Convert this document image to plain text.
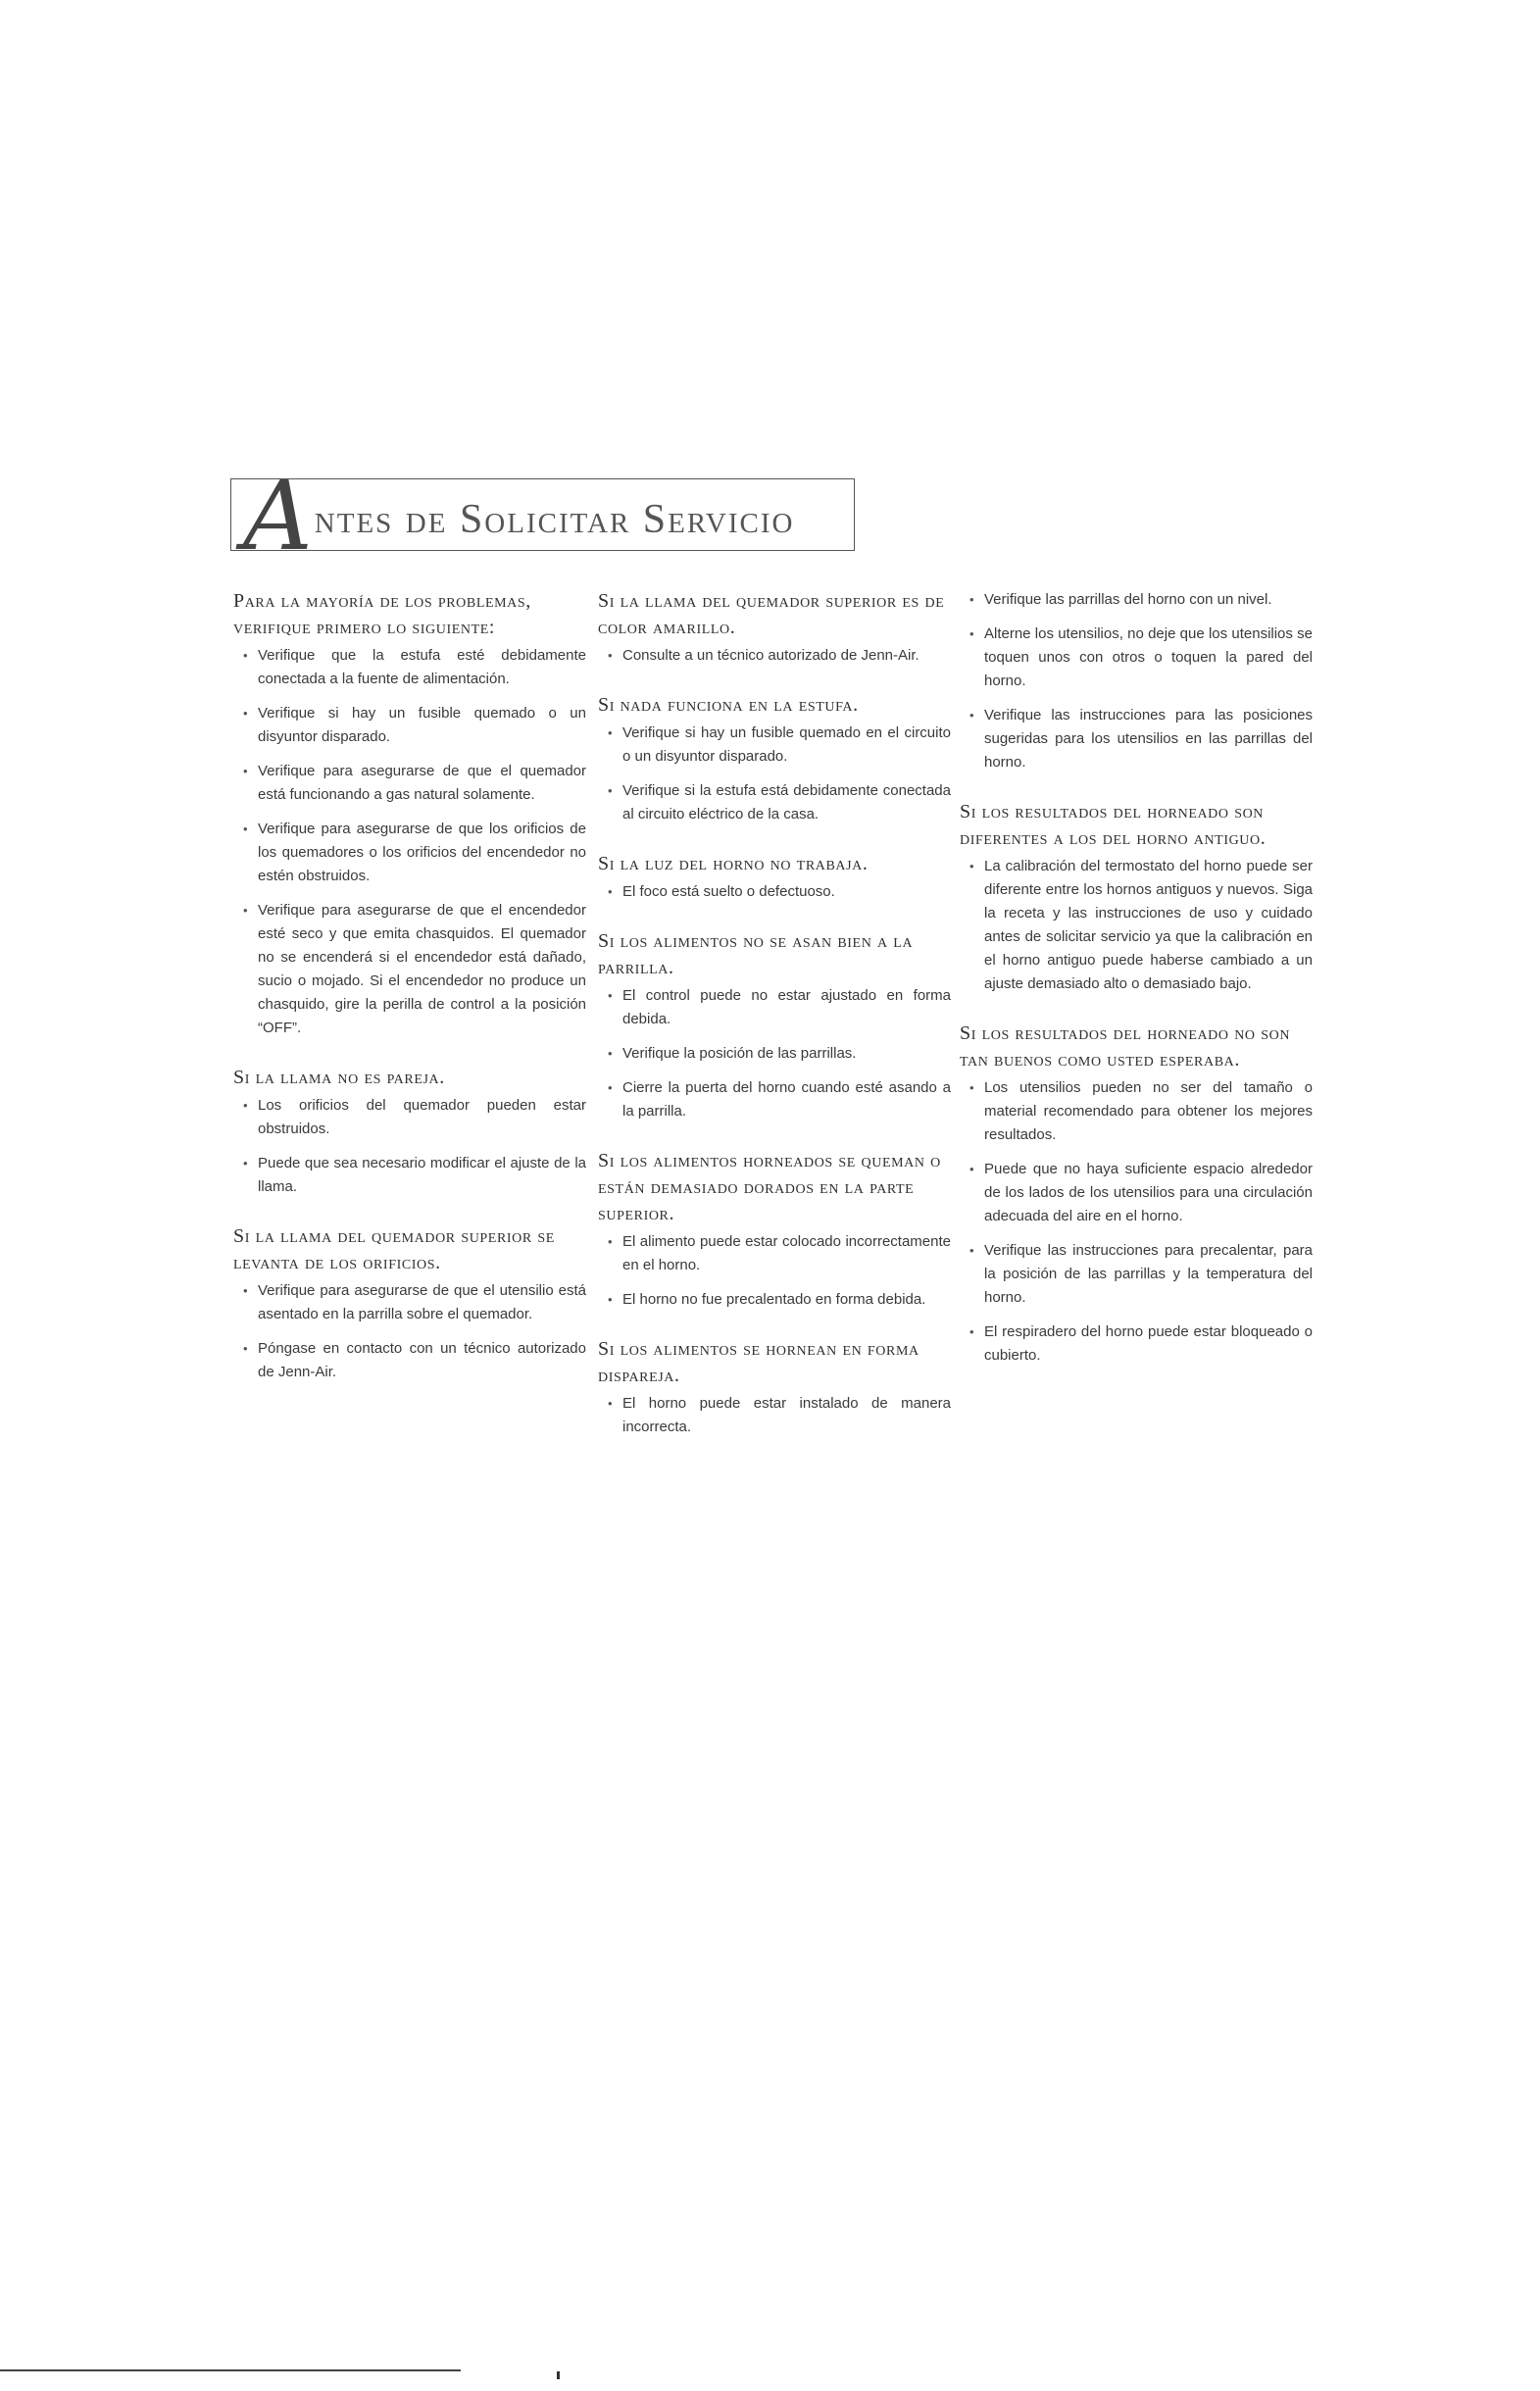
A ntes de Solicitar Servicio
Para la mayoría de los problemas, verifique primero lo siguiente:
• Verifique que la estufa esté debidamente conectada a la fuente de alimentación.
• Verifique si hay un fusible quemado o un disyuntor disparado.
• Verifique para asegurarse de que el quemador está funcionando a gas natural solamente.
• Verifique para asegurarse de que los orificios de los quemadores o los orificios del encendedor no estén obstruidos.
• Verifique para asegurarse de que el encendedor esté seco y que emita chasquidos. El quemador no se encenderá si el encendedor está dañado, sucio o mojado. Si el encendedor no produce un chasquido, gire la perilla de control a la posición “OFF”.
Si la llama no es pareja.
• Los orificios del quemador pueden estar obstruidos.
• Puede que sea necesario modificar el ajuste de la llama.
Si la llama del quemador superior se levanta de los orificios.
• Verifique para asegurarse de que el utensilio está asentado en la parrilla sobre el quemador.
• Póngase en contacto con un técnico autorizado de Jenn-Air.
Si la llama del quemador superior es de color amarillo.
• Consulte a un técnico autorizado de Jenn-Air.
Si nada funciona en la estufa.
• Verifique si hay un fusible quemado en el circuito o un disyuntor disparado.
• Verifique si la estufa está debidamente conectada al circuito eléctrico de la casa.
Si la luz del horno no trabaja.
• El foco está suelto o defectuoso.
Si los alimentos no se asan bien a la parrilla.
• El control puede no estar ajustado en forma debida.
• Verifique la posición de las parrillas.
• Cierre la puerta del horno cuando esté asando a la parrilla.
Si los alimentos horneados se queman o están demasiado dorados en la parte superior.
• El alimento puede estar colocado incorrectamente en el horno.
• El horno no fue precalentado en forma debida.
Si los alimentos se hornean en forma dispareja.
• El horno puede estar instalado de manera incorrecta.
• Verifique las parrillas del horno con un nivel.
• Alterne los utensilios, no deje que los utensilios se toquen unos con otros o toquen la pared del horno.
• Verifique las instrucciones para las posiciones sugeridas para los utensilios en las parrillas del horno.
Si los resultados del horneado son diferentes a los del horno antiguo.
• La calibración del termostato del horno puede ser diferente entre los hornos antiguos y nuevos. Siga la receta y las instrucciones de uso y cuidado antes de solicitar servicio ya que la calibración en el horno antiguo puede haberse cambiado a un ajuste demasiado alto o demasiado bajo.
Si los resultados del horneado no son tan buenos como usted esperaba.
• Los utensilios pueden no ser del tamaño o material recomendado para obtener los mejores resultados.
• Puede que no haya suficiente espacio alrededor de los lados de los utensilios para una circulación adecuada del aire en el horno.
• Verifique las instrucciones para precalentar, para la posición de las parrillas y la temperatura del horno.
• El respiradero del horno puede estar bloqueado o cubierto.
